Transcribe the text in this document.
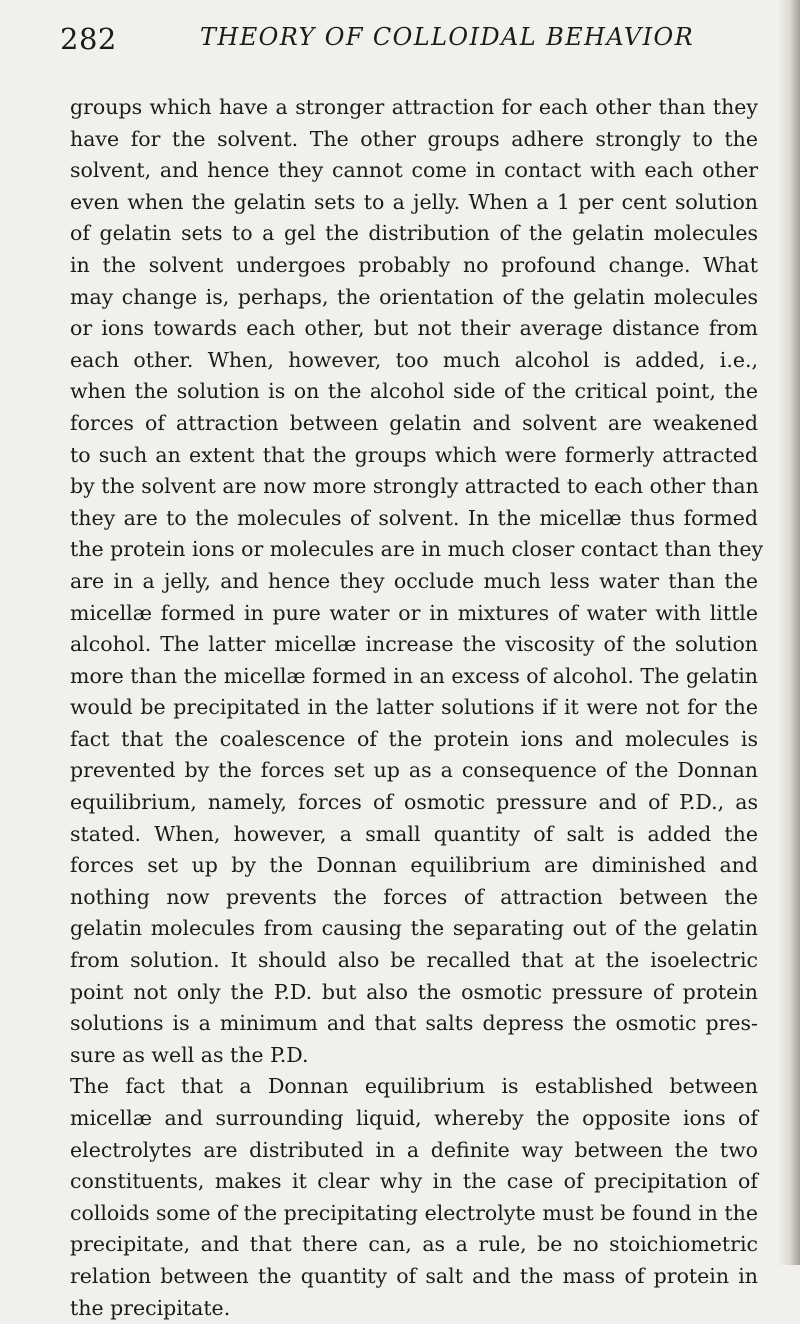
282	THEORY OF COLLOIDAL BEHAVIOR
groups which have a stronger attraction for each other than they
have for the solvent. The other groups adhere strongly to the
solvent, and hence they cannot come in contact with each other
even when the gelatin sets to a jelly. When a 1 per cent solution
of gelatin sets to a gel the distribution of the gelatin molecules
in the solvent undergoes probably no profound change. What
may change is, perhaps, the orientation of the gelatin molecules
or ions towards each other, but not their average distance from
each other. When, however, too much alcohol is added, i.e.,
when the solution is on the alcohol side of the critical point, the
forces of attraction between gelatin and solvent are weakened
to such an extent that the groups which were formerly attracted
by the solvent are now more strongly attracted to each other than
they are to the molecules of solvent. In the micellæ thus formed
the protein ions or molecules are in much closer contact than they
are in a jelly, and hence they occlude much less water than the
micellæ formed in pure water or in mixtures of water with little
alcohol. The latter micellæ increase the viscosity of the solution
more than the micellæ formed in an excess of alcohol. The gelatin
would be precipitated in the latter solutions if it were not for the
fact that the coalescence of the protein ions and molecules is
prevented by the forces set up as a consequence of the Donnan
equilibrium, namely, forces of osmotic pressure and of P.D., as
stated. When, however, a small quantity of salt is added the
forces set up by the Donnan equilibrium are diminished and
nothing now prevents the forces of attraction between the
gelatin molecules from causing the separating out of the gelatin
from solution. It should also be recalled that at the isoelectric
point not only the P.D. but also the osmotic pressure of protein
solutions is a minimum and that salts depress the osmotic pres-
sure as well as the P.D.
The fact that a Donnan equilibrium is established between
micellæ and surrounding liquid, whereby the opposite ions of
electrolytes are distributed in a definite way between the two
constituents, makes it clear why in the case of precipitation of
colloids some of the precipitating electrolyte must be found in the
precipitate, and that there can, as a rule, be no stoichiometric
relation between the quantity of salt and the mass of protein in
the precipitate.
